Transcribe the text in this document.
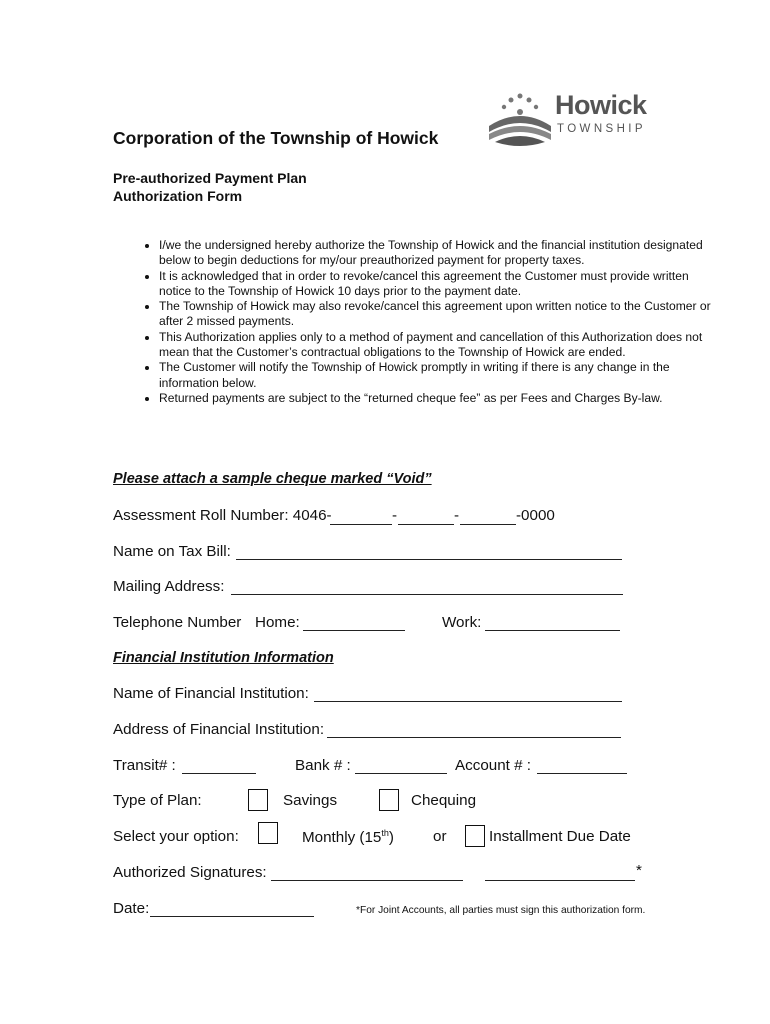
Corporation of the Township of Howick
Pre-authorized Payment Plan
Authorization Form
Howick
TOWNSHIP
• I/we the undersigned hereby authorize the Township of Howick and the financial institution designated below to begin deductions for my/our preauthorized payment for property taxes.
• It is acknowledged that in order to revoke/cancel this agreement the Customer must provide written notice to the Township of Howick 10 days prior to the payment date.
• The Township of Howick may also revoke/cancel this agreement upon written notice to the Customer or after 2 missed payments.
• This Authorization applies only to a method of payment and cancellation of this Authorization does not mean that the Customer’s contractual obligations to the Township of Howick are ended.
• The Customer will notify the Township of Howick promptly in writing if there is any change in the information below.
• Returned payments are subject to the “returned cheque fee” as per Fees and Charges By-law.
Please attach a sample cheque marked “Void”
Assessment Roll Number: 4046-	-	-	-0000
Name on Tax Bill:
Mailing Address:
Telephone Number Home:	Work:
Financial Institution Information
Name of Financial Institution:
Address of Financial Institution:
Transit# :	Bank # :	Account # :
Type of Plan:	Savings	Chequing
Select your option:	Monthly (15th)	or	Installment Due Date
Authorized Signatures:	*
Date:	*For Joint Accounts, all parties must sign this authorization form.
